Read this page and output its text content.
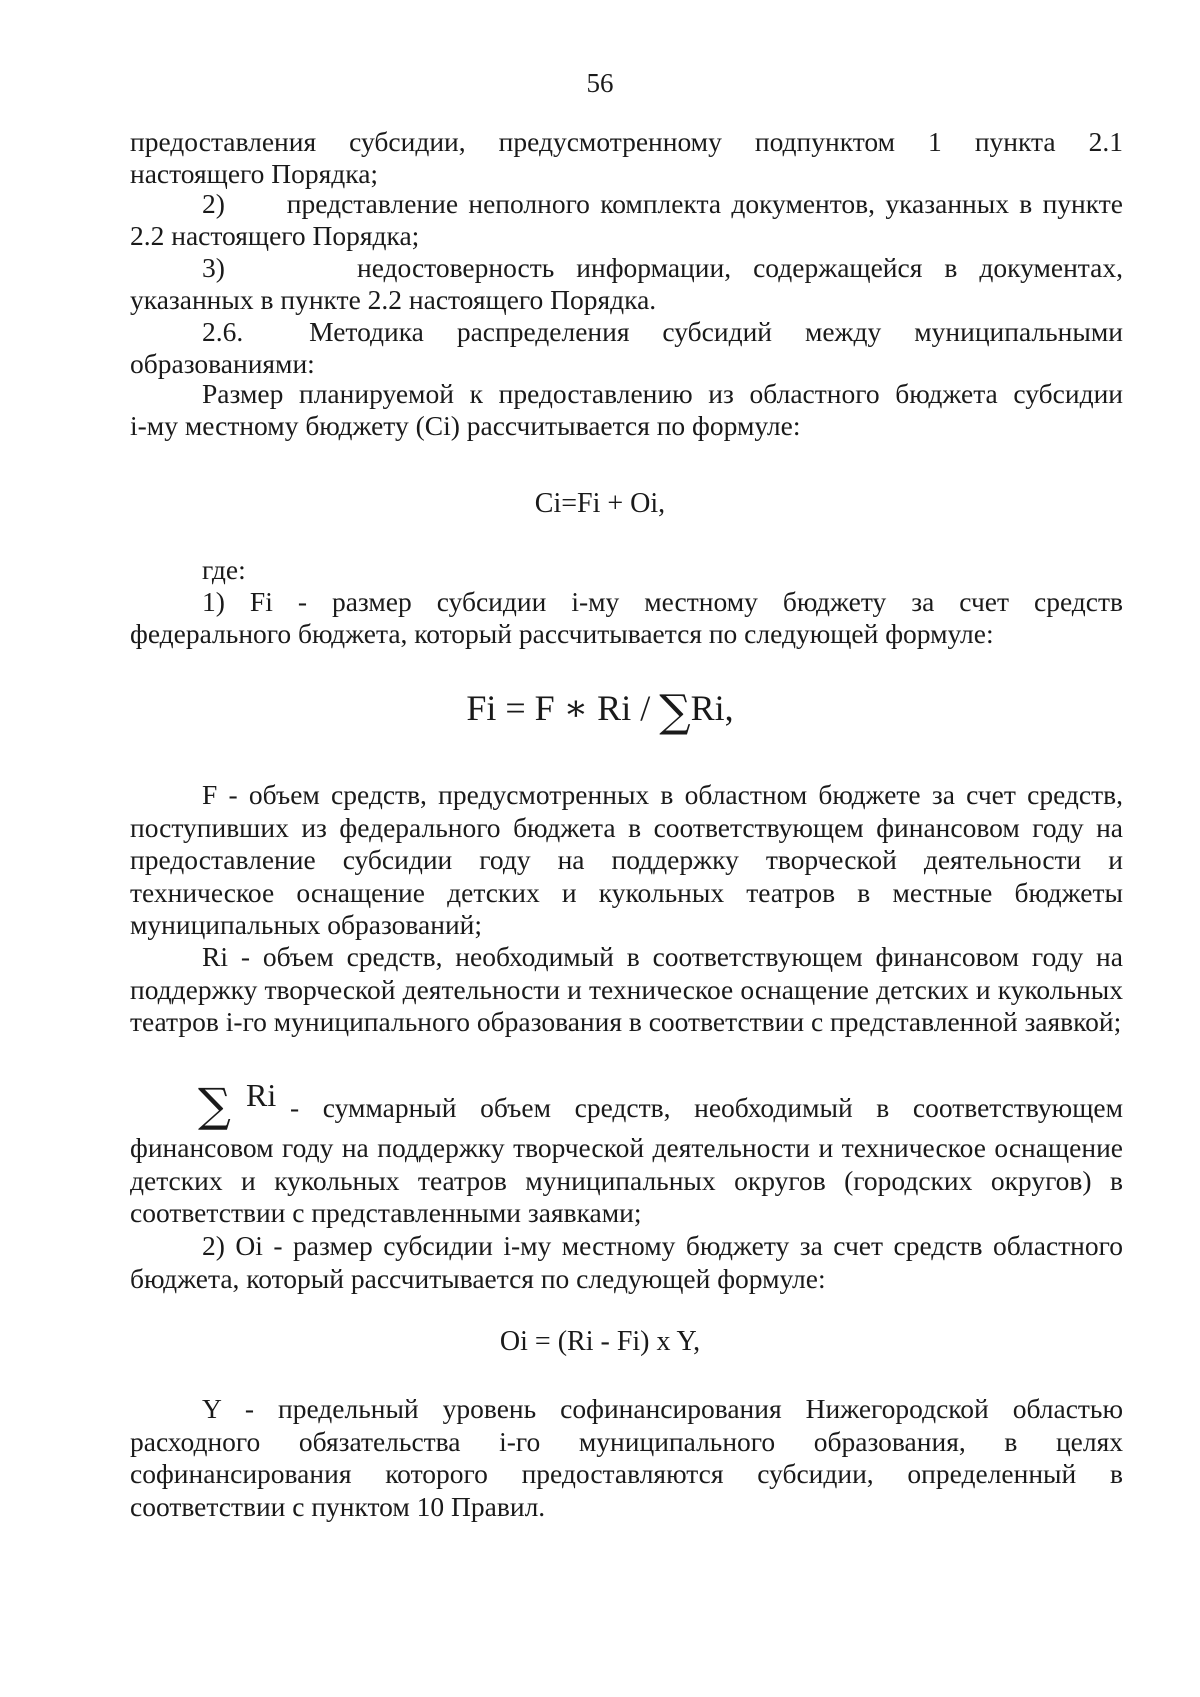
56
предоставления субсидии, предусмотренному подпунктом 1 пункта 2.1
настоящего Порядка;
2)      представление неполного комплекта документов, указанных в пункте
2.2 настоящего Порядка;
3)      недостоверность информации, содержащейся в документах,
указанных в пункте 2.2 настоящего Порядка.
2.6.  Методика распределения субсидий между муниципальными
образованиями:
Размер планируемой к предоставлению из областного бюджета субсидии
i-му местному бюджету (Ci) рассчитывается по формуле:
Ci=Fi + Oi,
где:
1) Fi - размер субсидии i-му местному бюджету за счет средств
федерального бюджета, который рассчитывается по следующей формуле:
Fi = F ∗ Ri / ∑Ri,
F - объем средств, предусмотренных в областном бюджете за счет средств, поступивших из федерального бюджета в соответствующем финансовом году на предоставление субсидии году на поддержку творческой деятельности и техническое оснащение детских и кукольных театров в местные бюджеты муниципальных образований;
Ri - объем средств, необходимый в соответствующем финансовом году на поддержку творческой деятельности и техническое оснащение детских и кукольных театров i-го муниципального образования в соответствии с представленной заявкой;
∑ Ri - суммарный объем средств, необходимый в соответствующем
финансовом году на поддержку творческой деятельности и техническое оснащение детских и кукольных театров муниципальных округов (городских округов) в соответствии с представленными заявками;
2) Oi - размер субсидии i-му местному бюджету за счет средств областного бюджета, который рассчитывается по следующей формуле:
Oi = (Ri - Fi) x Y,
Y - предельный уровень софинансирования Нижегородской областью расходного обязательства i-го муниципального образования, в целях софинансирования которого предоставляются субсидии, определенный в соответствии с пунктом 10 Правил.
